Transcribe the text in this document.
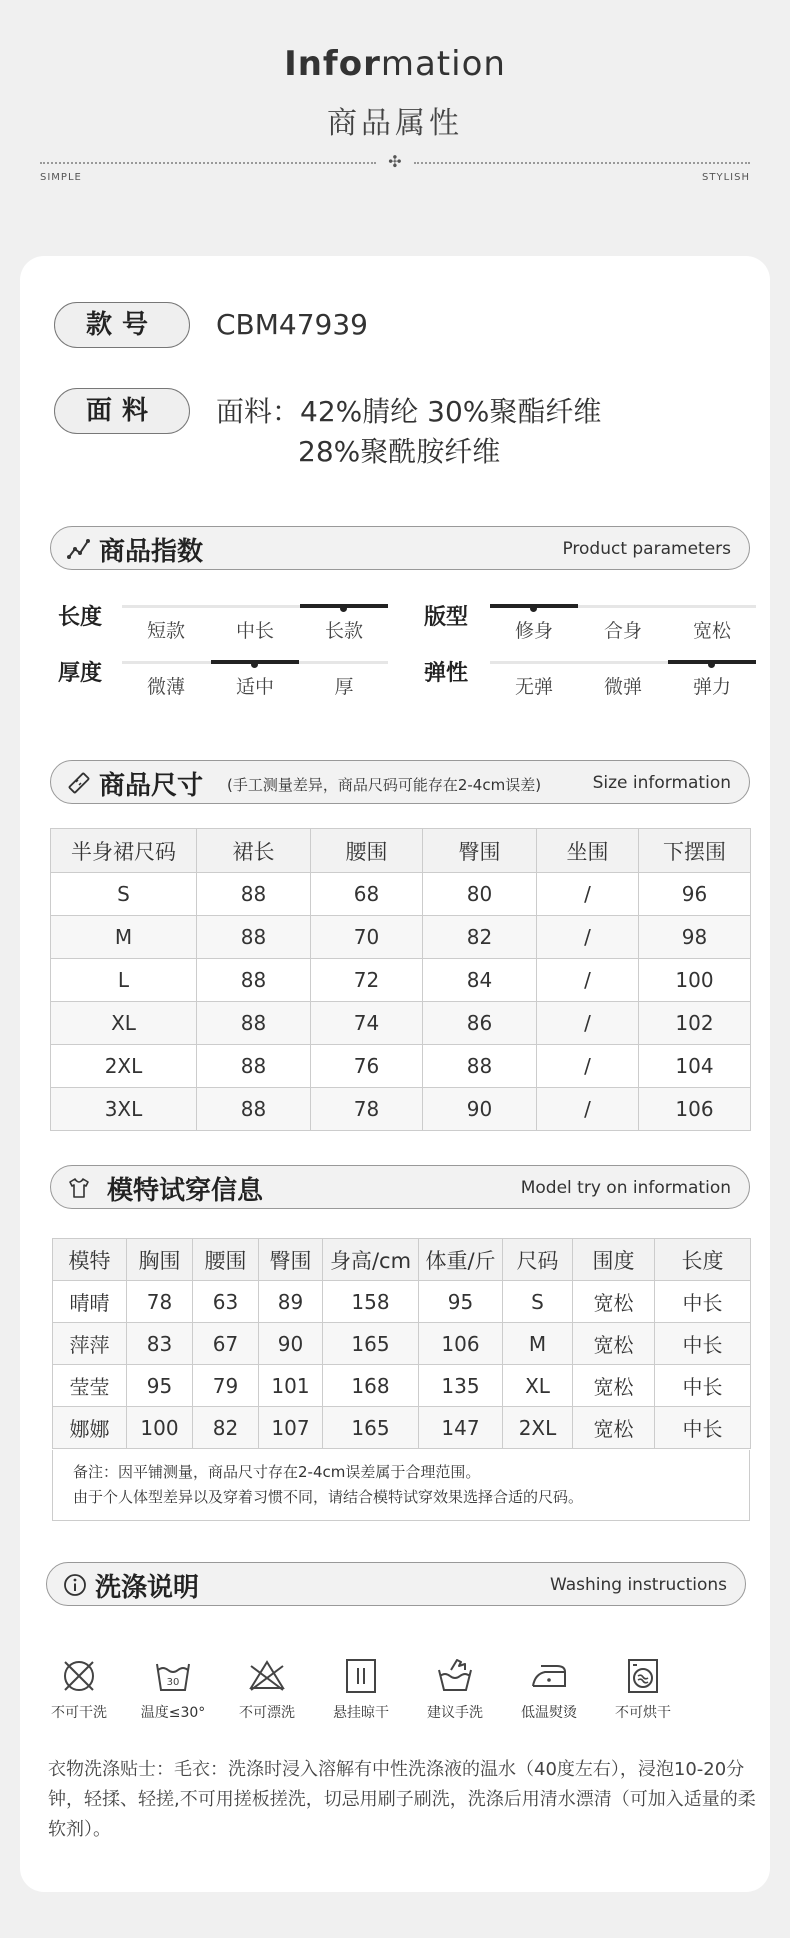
Information
商品属性
✣
SIMPLE	STYLISH
款号	CBM47939
面料	面料：42%腈纶 30%聚酯纤维
28%聚酰胺纤维
商品指数	Product parameters
长度
短款	中长	长款
版型
修身	合身	宽松
厚度
微薄	适中	厚
弹性
无弹	微弹	弹力
商品尺寸 (手工测量差异，商品尺码可能存在2-4cm误差)	Size information
半身裙尺码	裙长	腰围	臀围	坐围	下摆围
S	88	68	80	/	96
M	88	70	82	/	98
L	88	72	84	/	100
XL	88	74	86	/	102
2XL	88	76	88	/	104
3XL	88	78	90	/	106
模特试穿信息	Model try on information
模特	胸围	腰围	臀围	身高/cm	体重/斤	尺码	围度	长度
晴晴	78	63	89	158	95	S	宽松	中长
萍萍	83	67	90	165	106	M	宽松	中长
莹莹	95	79	101	168	135	XL	宽松	中长
娜娜	100	82	107	165	147	2XL	宽松	中长
备注：因平铺测量，商品尺寸存在2-4cm误差属于合理范围。
由于个人体型差异以及穿着习惯不同，请结合模特试穿效果选择合适的尺码。
洗涤说明	Washing instructions
不可干洗
30
温度≤30°	不可漂洗	悬挂晾干	建议手洗	低温熨烫	不可烘干
衣物洗涤贴士：毛衣：洗涤时浸入溶解有中性洗涤液的温水（40度左右），浸泡10-20分钟，轻揉、轻搓,不可用搓板搓洗，切忌用刷子刷洗，洗涤后用清水漂清（可加入适量的柔软剂）。
